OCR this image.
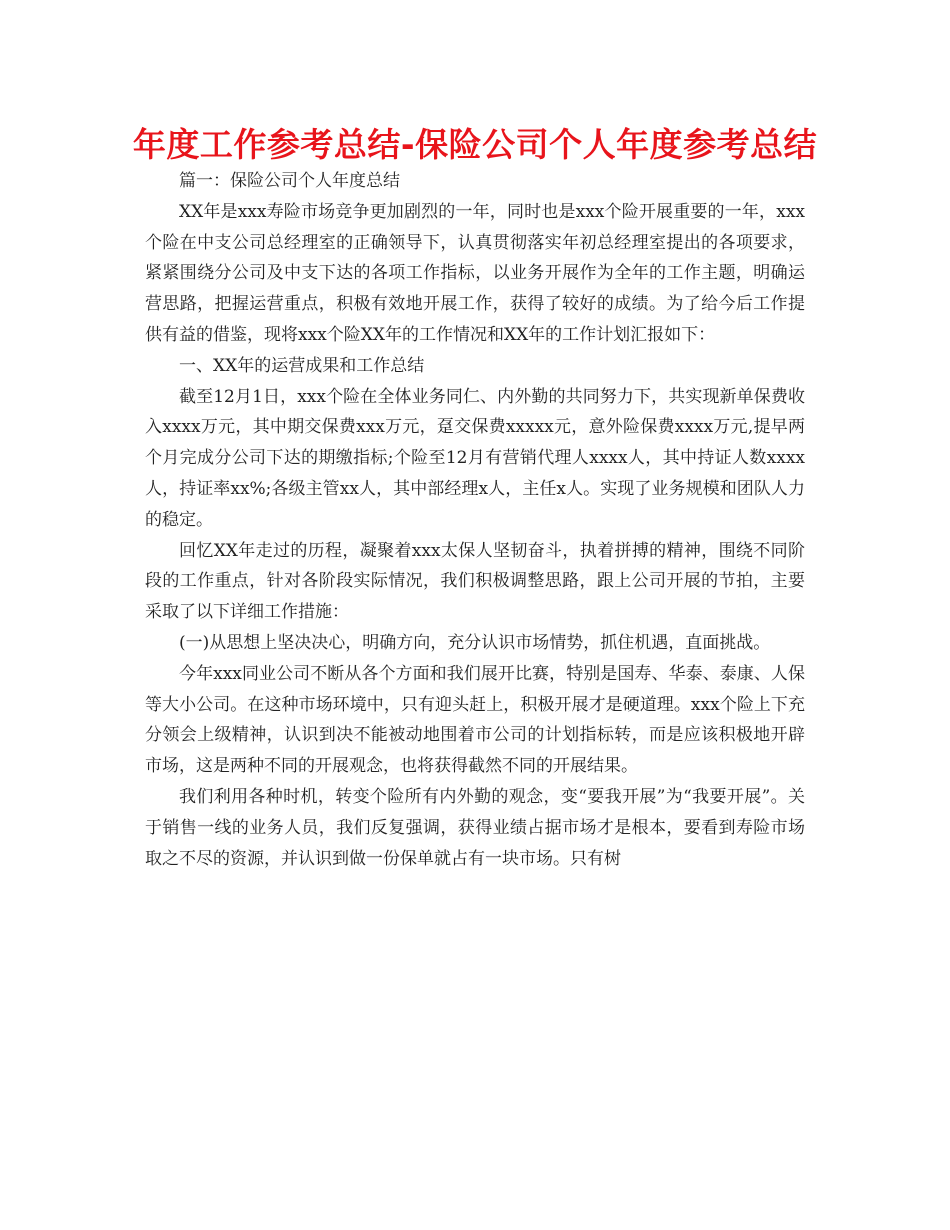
年度工作参考总结-保险公司个人年度参考总结

篇一：保险公司个人年度总结

XX年是xxx寿险市场竞争更加剧烈的一年，同时也是xxx个险开展重要的一年，xxx个险在中支公司总经理室的正确领导下，认真贯彻落实年初总经理室提出的各项要求，紧紧围绕分公司及中支下达的各项工作指标，以业务开展作为全年的工作主题，明确运营思路，把握运营重点，积极有效地开展工作，获得了较好的成绩。为了给今后工作提供有益的借鉴，现将xxx个险XX年的工作情况和XX年的工作计划汇报如下：

一、XX年的运营成果和工作总结

截至12月1日，xxx个险在全体业务同仁、内外勤的共同努力下，共实现新单保费收入xxxx万元，其中期交保费xxx万元，趸交保费xxxxx元，意外险保费xxxx万元,提早两个月完成分公司下达的期缴指标;个险至12月有营销代理人xxxx人，其中持证人数xxxx人，持证率xx%;各级主管xx人，其中部经理x人，主任x人。实现了业务规模和团队人力的稳定。

回忆XX年走过的历程，凝聚着xxx太保人坚韧奋斗，执着拼搏的精神，围绕不同阶段的工作重点，针对各阶段实际情况，我们积极调整思路，跟上公司开展的节拍，主要采取了以下详细工作措施：

(一)从思想上坚决决心，明确方向，充分认识市场情势，抓住机遇，直面挑战。

今年xxx同业公司不断从各个方面和我们展开比赛，特别是国寿、华泰、泰康、人保等大小公司。在这种市场环境中，只有迎头赶上，积极开展才是硬道理。xxx个险上下充分领会上级精神，认识到决不能被动地围着市公司的计划指标转，而是应该积极地开辟市场，这是两种不同的开展观念，也将获得截然不同的开展结果。

我们利用各种时机，转变个险所有内外勤的观念，变“要我开展”为“我要开展”。关于销售一线的业务人员，我们反复强调，获得业绩占据市场才是根本，要看到寿险市场取之不尽的资源，并认识到做一份保单就占有一块市场。只有树
